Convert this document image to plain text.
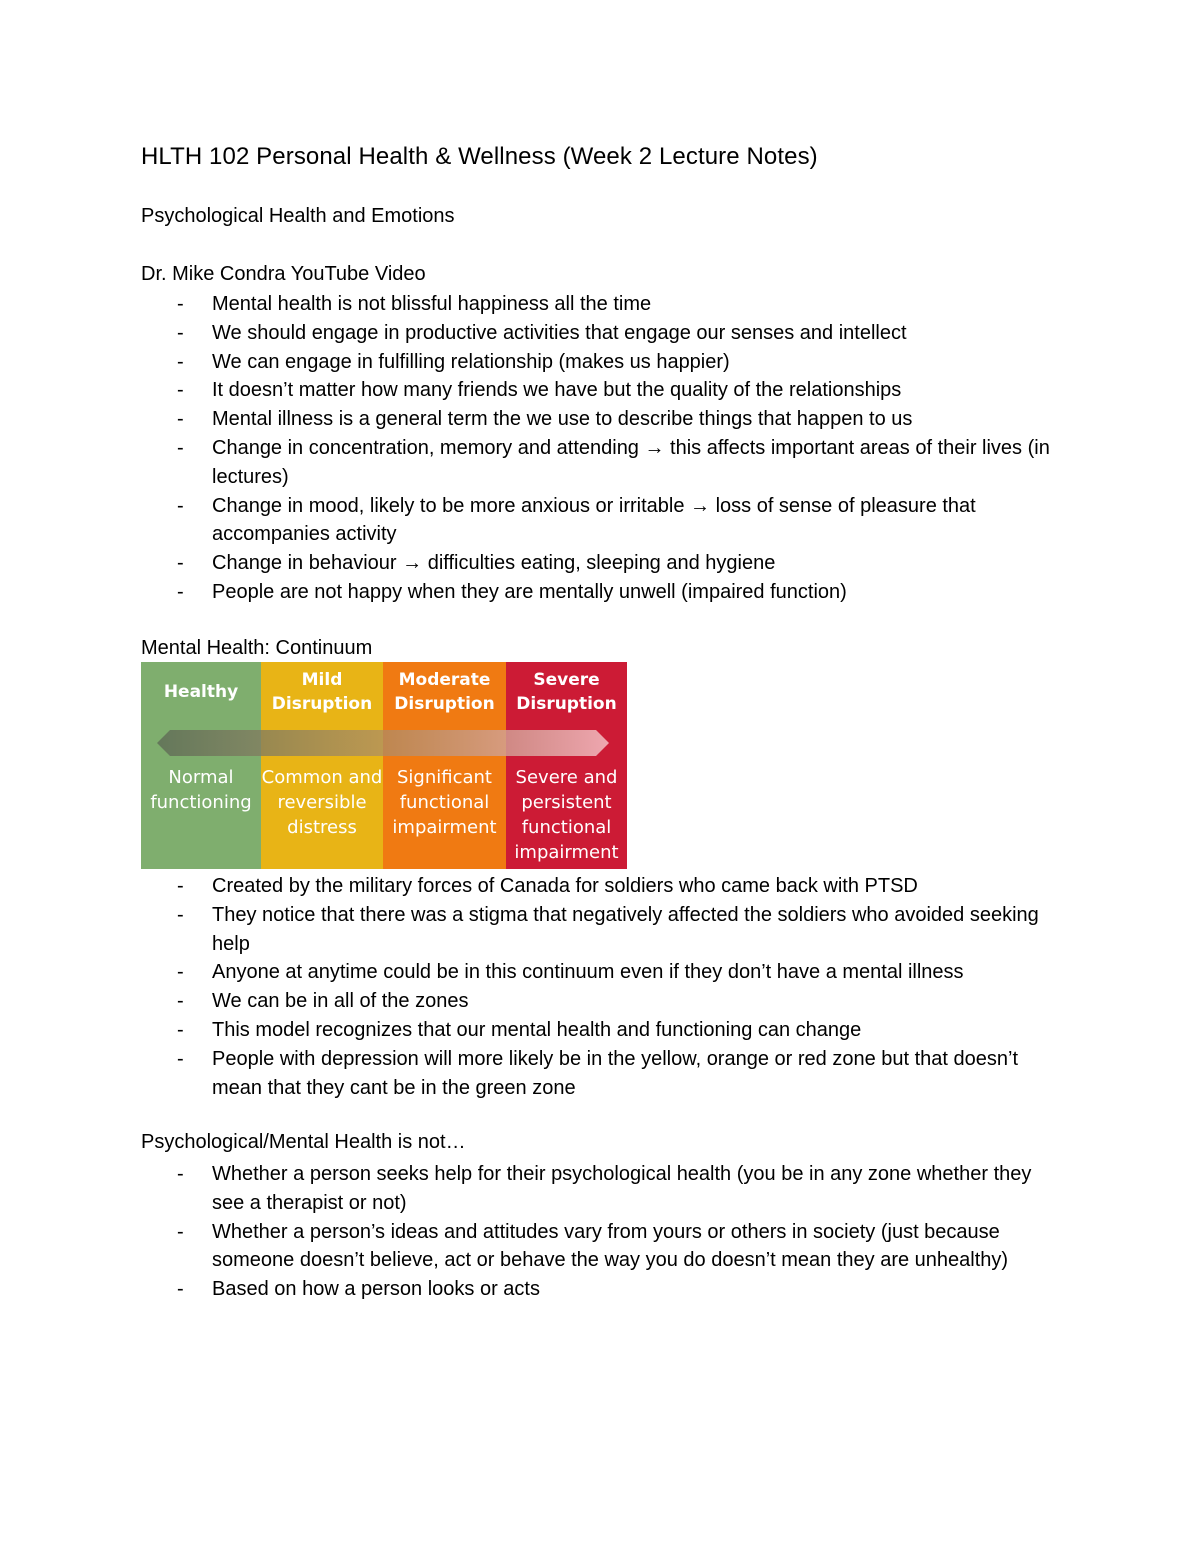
HLTH 102 Personal Health & Wellness (Week 2 Lecture Notes)
Psychological Health and Emotions
Dr. Mike Condra YouTube Video
- Mental health is not blissful happiness all the time
- We should engage in productive activities that engage our senses and intellect
- We can engage in fulfilling relationship (makes us happier)
- It doesn’t matter how many friends we have but the quality of the relationships
- Mental illness is a general term the we use to describe things that happen to us
- Change in concentration, memory and attending → this affects important areas of their lives (in lectures)
- Change in mood, likely to be more anxious or irritable → loss of sense of pleasure that accompanies activity
- Change in behaviour → difficulties eating, sleeping and hygiene
- People are not happy when they are mentally unwell (impaired function)
Mental Health: Continuum
Healthy
Normal functioning
Mild Disruption
Common and reversible distress
Moderate Disruption
Significant functional impairment
Severe Disruption
Severe and persistent functional impairment
- Created by the military forces of Canada for soldiers who came back with PTSD
- They notice that there was a stigma that negatively affected the soldiers who avoided seeking help
- Anyone at anytime could be in this continuum even if they don’t have a mental illness
- We can be in all of the zones
- This model recognizes that our mental health and functioning can change
- People with depression will more likely be in the yellow, orange or red zone but that doesn’t mean that they cant be in the green zone
Psychological/Mental Health is not…
- Whether a person seeks help for their psychological health (you be in any zone whether they see a therapist or not)
- Whether a person’s ideas and attitudes vary from yours or others in society (just because someone doesn’t believe, act or behave the way you do doesn’t mean they are unhealthy)
- Based on how a person looks or acts
